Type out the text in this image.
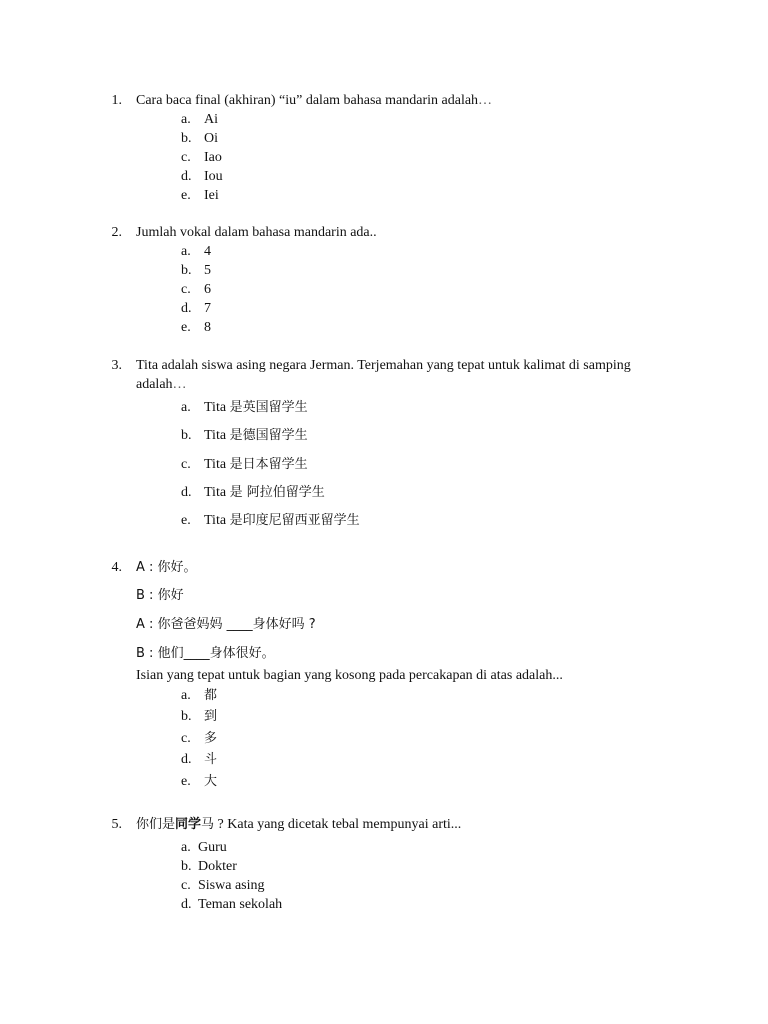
1. Cara baca final (akhiran) “iu” dalam bahasa mandarin adalah…
a. Ai
b. Oi
c. Iao
d. Iou
e. Iei
2. Jumlah vokal dalam bahasa mandarin ada..
a. 4
b. 5
c. 6
d. 7
e. 8
3. Tita adalah siswa asing negara Jerman. Terjemahan yang tepat untuk kalimat di samping
adalah…
a. Tita 是英国留学生
b. Tita 是德国留学生
c. Tita 是日本留学生
d. Tita 是 阿拉伯留学生
e. Tita 是印度尼留西亚留学生
4. A : 你好。
B : 你好
A : 你爸爸妈妈 ____身体好吗 ?
B : 他们____身体很好。
Isian yang tepat untuk bagian yang kosong pada percakapan di atas adalah...
a.	都
b. 到
c.	多
d. 斗
e.	大
5. 你们是同学马 ? Kata yang dicetak tebal mempunyai arti...
a. Guru
b. Dokter
c. Siswa asing
d. Teman sekolah
